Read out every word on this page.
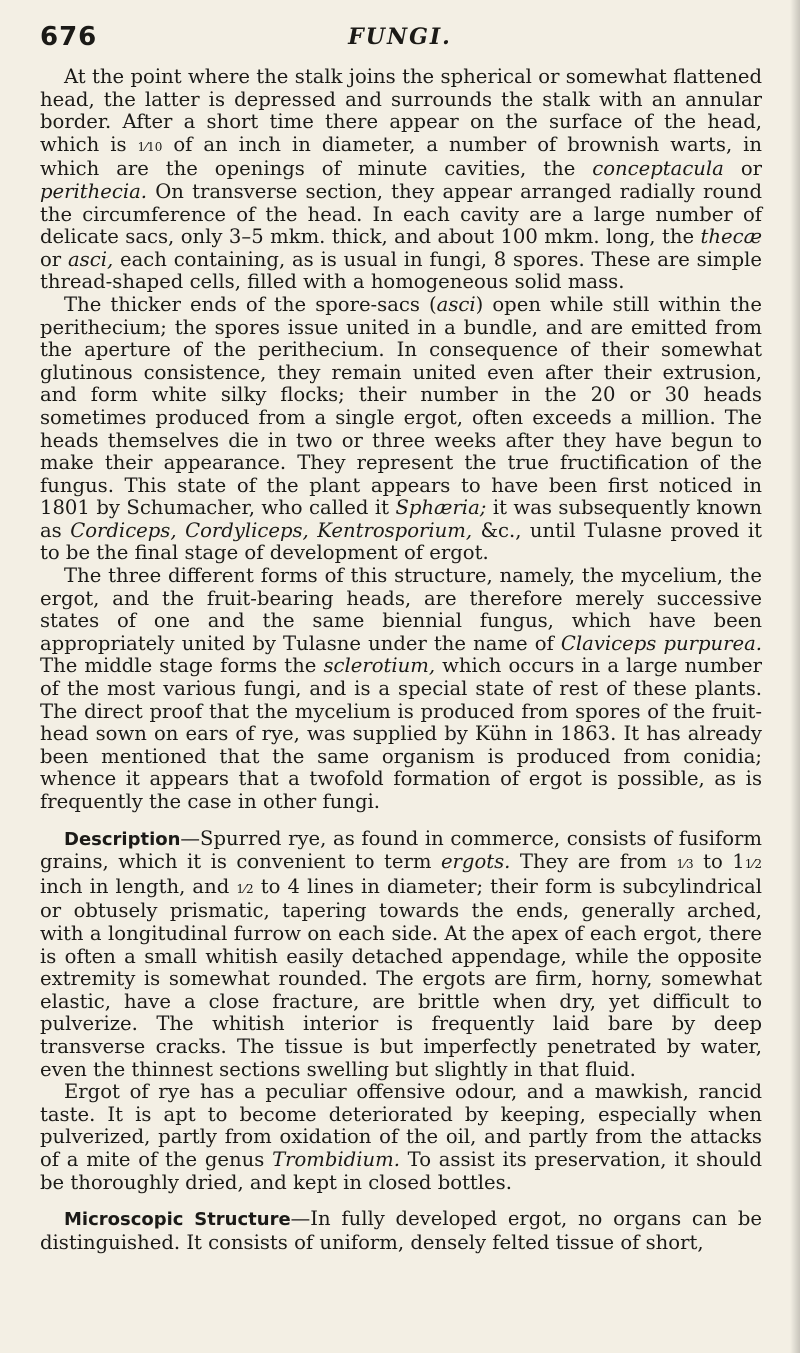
676	FUNGI.

At the point where the stalk joins the spherical or somewhat flattened head, the latter is depressed and surrounds the stalk with an annular border. After a short time there appear on the surface of the head, which is 1⁄10 of an inch in diameter, a number of brownish warts, in which are the openings of minute cavities, the conceptacula or perithecia. On transverse section, they appear arranged radially round the circumference of the head. In each cavity are a large number of delicate sacs, only 3–5 mkm. thick, and about 100 mkm. long, the thecæ or asci, each containing, as is usual in fungi, 8 spores. These are simple thread-shaped cells, filled with a homogeneous solid mass.

The thicker ends of the spore-sacs (asci) open while still within the perithecium; the spores issue united in a bundle, and are emitted from the aperture of the perithecium. In consequence of their somewhat glutinous consistence, they remain united even after their extrusion, and form white silky flocks; their number in the 20 or 30 heads sometimes produced from a single ergot, often exceeds a million. The heads themselves die in two or three weeks after they have begun to make their appearance. They represent the true fructification of the fungus. This state of the plant appears to have been first noticed in 1801 by Schumacher, who called it Sphæria; it was subsequently known as Cordiceps, Cordyliceps, Kentrosporium, &c., until Tulasne proved it to be the final stage of development of ergot.

The three different forms of this structure, namely, the mycelium, the ergot, and the fruit-bearing heads, are therefore merely successive states of one and the same biennial fungus, which have been appropriately united by Tulasne under the name of Claviceps purpurea. The middle stage forms the sclerotium, which occurs in a large number of the most various fungi, and is a special state of rest of these plants. The direct proof that the mycelium is produced from spores of the fruit-head sown on ears of rye, was supplied by Kühn in 1863. It has already been mentioned that the same organism is produced from conidia; whence it appears that a twofold formation of ergot is possible, as is frequently the case in other fungi.

Description—Spurred rye, as found in commerce, consists of fusiform grains, which it is convenient to term ergots. They are from 1⁄3 to 11⁄2 inch in length, and 1⁄2 to 4 lines in diameter; their form is subcylindrical or obtusely prismatic, tapering towards the ends, generally arched, with a longitudinal furrow on each side. At the apex of each ergot, there is often a small whitish easily detached appendage, while the opposite extremity is somewhat rounded. The ergots are firm, horny, somewhat elastic, have a close fracture, are brittle when dry, yet difficult to pulverize. The whitish interior is frequently laid bare by deep transverse cracks. The tissue is but imperfectly penetrated by water, even the thinnest sections swelling but slightly in that fluid.

Ergot of rye has a peculiar offensive odour, and a mawkish, rancid taste. It is apt to become deteriorated by keeping, especially when pulverized, partly from oxidation of the oil, and partly from the attacks of a mite of the genus Trombidium. To assist its preservation, it should be thoroughly dried, and kept in closed bottles.

Microscopic Structure—In fully developed ergot, no organs can be distinguished. It consists of uniform, densely felted tissue of short,
